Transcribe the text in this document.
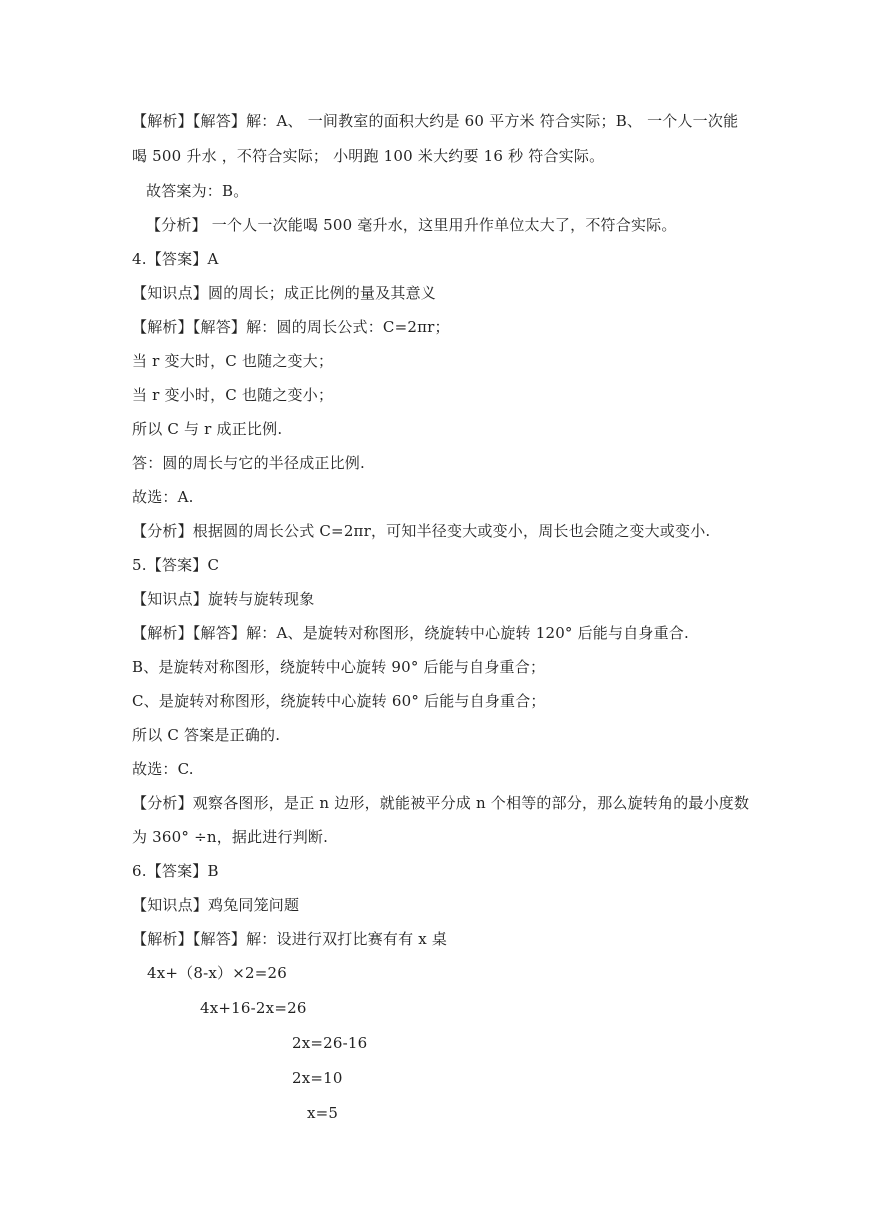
【解析】【解答】解：A、 一间教室的面积大约是 60 平方米 符合实际；B、 一个人一次能
喝 500 升水 ，不符合实际； 小明跑 100 米大约要 16 秒 符合实际。
故答案为：B。
【分析】 一个人一次能喝 500 毫升水，这里用升作单位太大了，不符合实际。
4.【答案】A
【知识点】圆的周长；成正比例的量及其意义
【解析】【解答】解：圆的周长公式：C=2πr；
当 r 变大时，C 也随之变大；
当 r 变小时，C 也随之变小；
所以 C 与 r 成正比例.
答：圆的周长与它的半径成正比例.
故选：A.
【分析】根据圆的周长公式 C=2πr，可知半径变大或变小，周长也会随之变大或变小.
5.【答案】C
【知识点】旋转与旋转现象
【解析】【解答】解：A、是旋转对称图形，绕旋转中心旋转 120° 后能与自身重合.
B、是旋转对称图形，绕旋转中心旋转 90° 后能与自身重合；
C、是旋转对称图形，绕旋转中心旋转 60° 后能与自身重合；
所以 C 答案是正确的.
故选：C.
【分析】观察各图形，是正 n 边形，就能被平分成 n 个相等的部分，那么旋转角的最小度数
为 360° ÷n，据此进行判断.
6.【答案】B
【知识点】鸡兔同笼问题
【解析】【解答】解：设进行双打比赛有有 x 桌
4x+（8-x）×2=26
4x+16-2x=26
2x=26-16
2x=10
x=5
